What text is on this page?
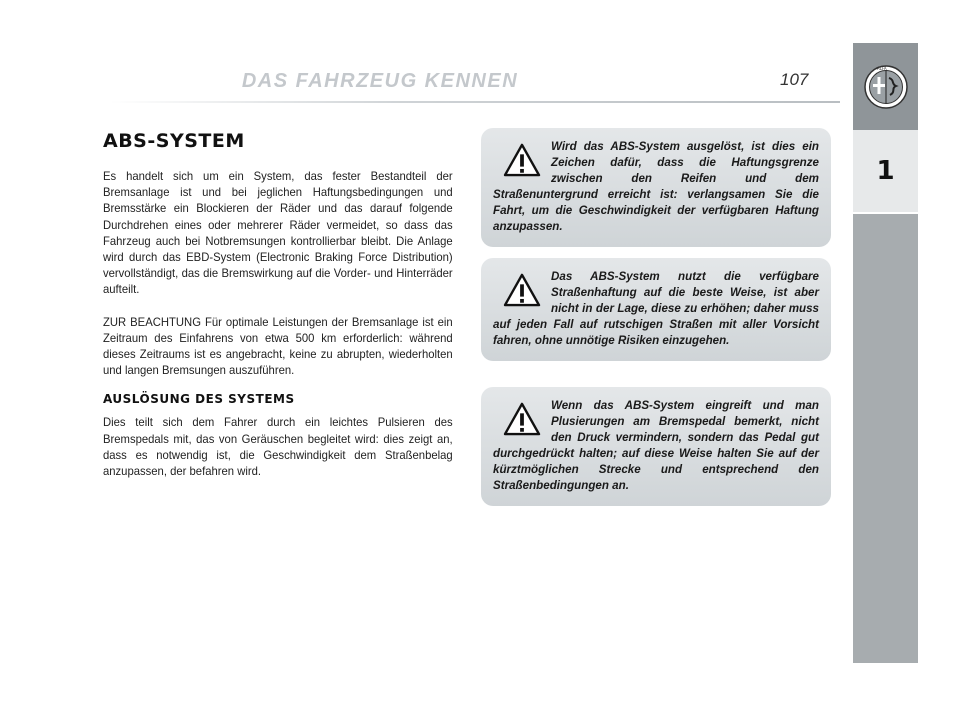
DAS FAHRZEUG KENNEN	107
ALFA
1
ABS-SYSTEM

Es handelt sich um ein System, das fester Bestandteil der Bremsanlage ist und bei jeglichen Haftungsbedingungen und Bremsstärke ein Blockieren der Räder und das darauf folgende Durchdrehen eines oder mehrerer Räder vermeidet, so dass das Fahrzeug auch bei Notbremsungen kontrollierbar bleibt. Die Anlage wird durch das EBD-System (Electronic Braking Force Distribution) vervollständigt, das die Bremswirkung auf die Vorder- und Hinterräder aufteilt.

ZUR BEACHTUNG Für optimale Leistungen der Bremsanlage ist ein Zeitraum des Einfahrens von etwa 500 km erforderlich: während dieses Zeitraums ist es angebracht, keine zu abrupten, wiederholten und langen Bremsungen auszuführen.

AUSLÖSUNG DES SYSTEMS

Dies teilt sich dem Fahrer durch ein leichtes Pulsieren des Bremspedals mit, das von Geräuschen begleitet wird: dies zeigt an, dass es notwendig ist, die Geschwindigkeit dem Straßenbelag anzupassen, der befahren wird.

Wird das ABS-System ausgelöst, ist dies ein Zeichen dafür, dass die Haftungsgrenze zwischen den Reifen und dem Straßenuntergrund erreicht ist: verlangsamen Sie die Fahrt, um die Geschwindigkeit der verfügbaren Haftung anzupassen.

Das ABS-System nutzt die verfügbare Straßenhaftung auf die beste Weise, ist aber nicht in der Lage, diese zu erhöhen; daher muss auf jeden Fall auf rutschigen Straßen mit aller Vorsicht fahren, ohne unnötige Risiken einzugehen.

Wenn das ABS-System eingreift und man Plusierungen am Bremspedal bemerkt, nicht den Druck vermindern, sondern das Pedal gut durchgedrückt halten; auf diese Weise halten Sie auf der kürztmöglichen Strecke und entsprechend den Straßenbedingungen an.
